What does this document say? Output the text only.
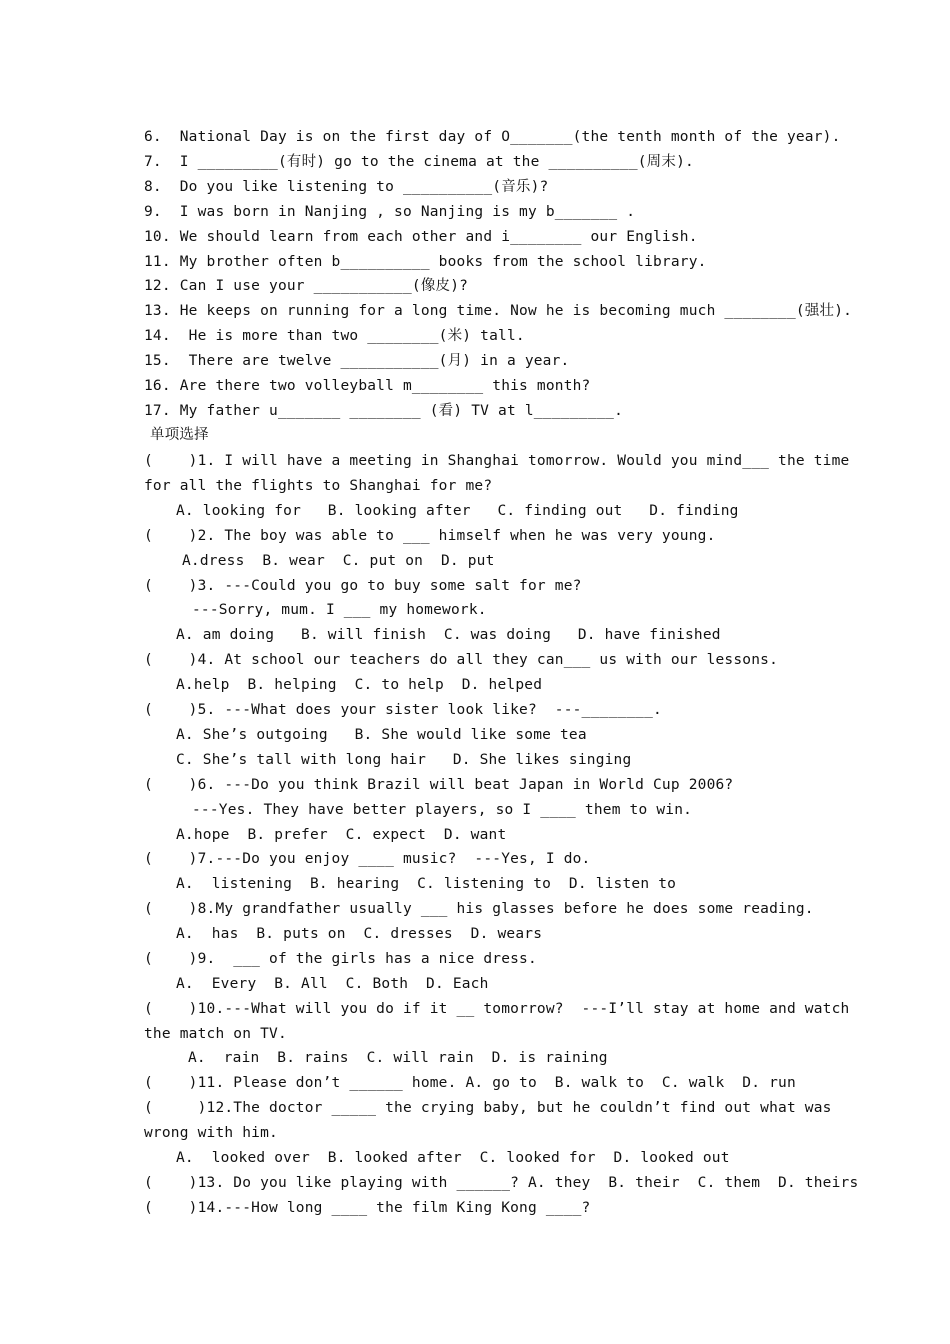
6.  National Day is on the first day of O_______(the tenth month of the year).
7.  I _________(有时) go to the cinema at the __________(周末).
8.  Do you like listening to __________(音乐)?
9.  I was born in Nanjing , so Nanjing is my b_______ .
10. We should learn from each other and i________ our English.
11. My brother often b__________ books from the school library.
12. Can I use your ___________(像皮)?
13. He keeps on running for a long time. Now he is becoming much ________(强壮).
14.  He is more than two ________(米) tall.
15.  There are twelve ___________(月) in a year.
16. Are there two volleyball m________ this month?
17. My father u_______ ________ (看) TV at l_________.
单项选择
(    )1. I will have a meeting in Shanghai tomorrow. Would you mind___ the time
for all the flights to Shanghai for me?
A. looking for   B. looking after   C. finding out   D. finding
(    )2. The boy was able to ___ himself when he was very young.
A.dress  B. wear  C. put on  D. put
(    )3. ---Could you go to buy some salt for me?
---Sorry, mum. I ___ my homework.
A. am doing   B. will finish  C. was doing   D. have finished
(    )4. At school our teachers do all they can___ us with our lessons.
A.help  B. helping  C. to help  D. helped
(    )5. ---What does your sister look like?  ---________.
A. She’s outgoing   B. She would like some tea
C. She’s tall with long hair   D. She likes singing
(    )6. ---Do you think Brazil will beat Japan in World Cup 2006?
---Yes. They have better players, so I ____ them to win.
A.hope  B. prefer  C. expect  D. want
(    )7.---Do you enjoy ____ music?  ---Yes, I do.
A.  listening  B. hearing  C. listening to  D. listen to
(    )8.My grandfather usually ___ his glasses before he does some reading.
A.  has  B. puts on  C. dresses  D. wears
(    )9.  ___ of the girls has a nice dress.
A.  Every  B. All  C. Both  D. Each
(    )10.---What will you do if it __ tomorrow?  ---I’ll stay at home and watch
the match on TV.
A.  rain  B. rains  C. will rain  D. is raining
(    )11. Please don’t ______ home. A. go to  B. walk to  C. walk  D. run
(     )12.The doctor _____ the crying baby, but he couldn’t find out what was
wrong with him.
A.  looked over  B. looked after  C. looked for  D. looked out
(    )13. Do you like playing with ______? A. they  B. their  C. them  D. theirs
(    )14.---How long ____ the film King Kong ____?
